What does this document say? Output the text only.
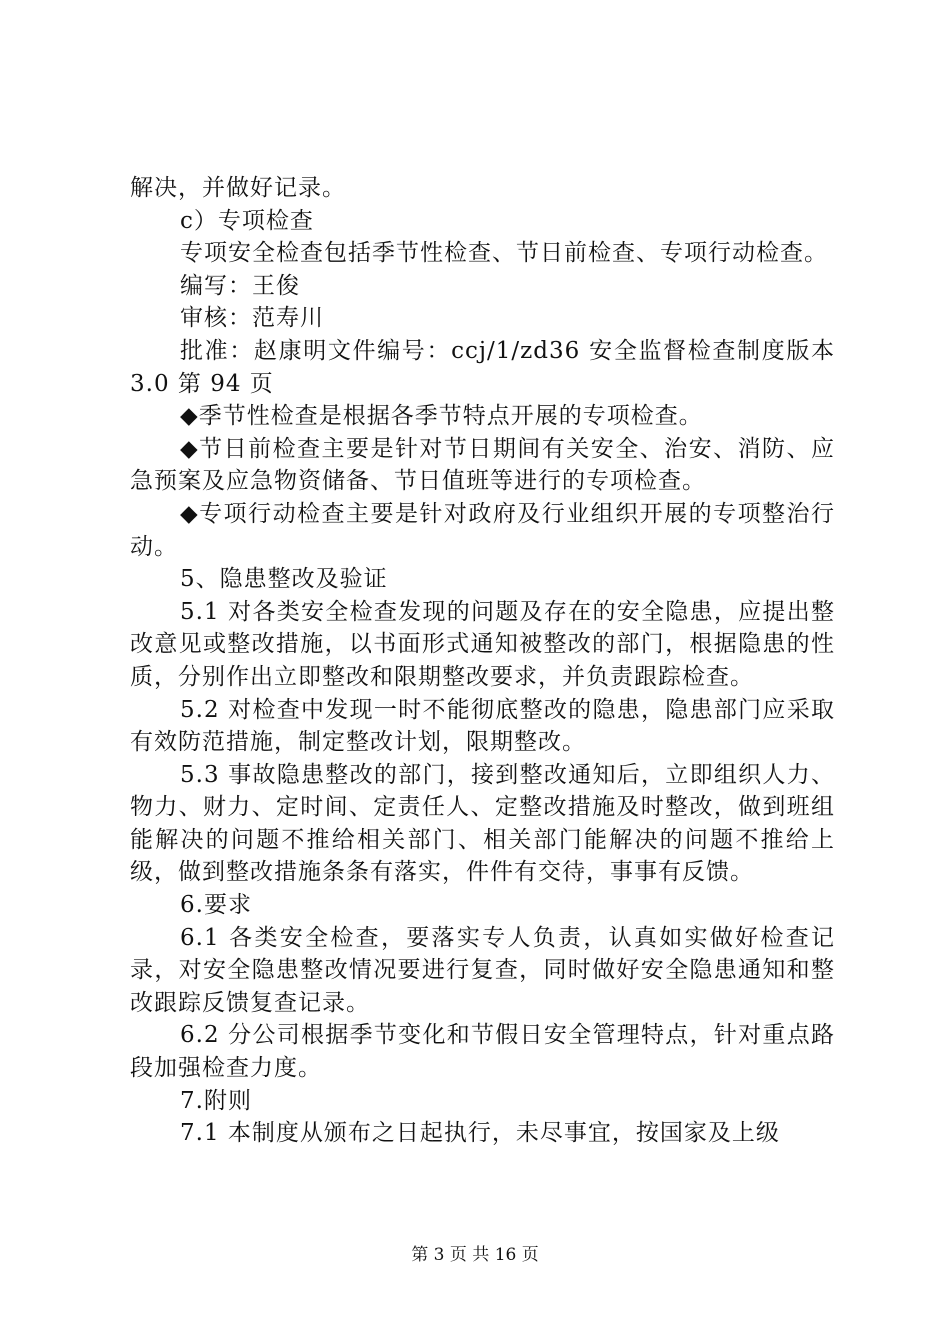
解决，并做好记录。

c）专项检查

专项安全检查包括季节性检查、节日前检查、专项行动检查。

编写：王俊

审核：范寿川

批准：赵康明文件编号：ccj/1/zd36 安全监督检查制度版本 3.0 第 94 页

◆季节性检查是根据各季节特点开展的专项检查。

◆节日前检查主要是针对节日期间有关安全、治安、消防、应急预案及应急物资储备、节日值班等进行的专项检查。

◆专项行动检查主要是针对政府及行业组织开展的专项整治行动。

5、隐患整改及验证

5.1 对各类安全检查发现的问题及存在的安全隐患，应提出整改意见或整改措施，以书面形式通知被整改的部门，根据隐患的性质，分别作出立即整改和限期整改要求，并负责跟踪检查。

5.2 对检查中发现一时不能彻底整改的隐患，隐患部门应采取有效防范措施，制定整改计划，限期整改。

5.3 事故隐患整改的部门，接到整改通知后，立即组织人力、物力、财力、定时间、定责任人、定整改措施及时整改，做到班组能解决的问题不推给相关部门、相关部门能解决的问题不推给上级，做到整改措施条条有落实，件件有交待，事事有反馈。

6.要求

6.1 各类安全检查，要落实专人负责，认真如实做好检查记录，对安全隐患整改情况要进行复查，同时做好安全隐患通知和整改跟踪反馈复查记录。

6.2 分公司根据季节变化和节假日安全管理特点，针对重点路段加强检查力度。

7.附则

7.1 本制度从颁布之日起执行，未尽事宜，按国家及上级

第 3 页 共 16 页
